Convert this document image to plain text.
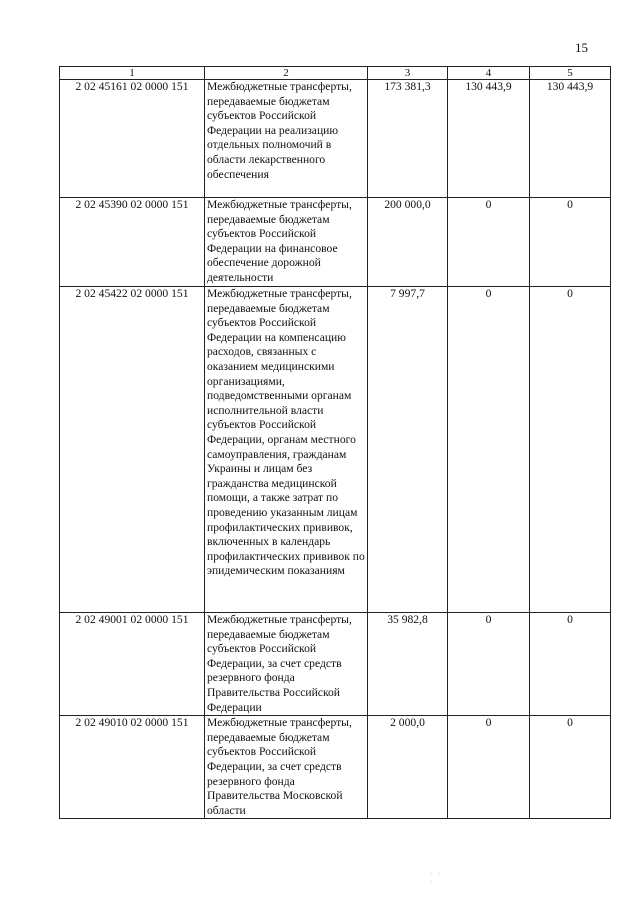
15
1	2	3	4	5
2 02 45161 02 0000 151	Межбюджетные трансферты, передаваемые бюджетам субъектов Российской Федерации на реализацию отдельных полномочий в области лекарственного обеспечения	173 381,3	130 443,9	130 443,9
2 02 45390 02 0000 151	Межбюджетные трансферты, передаваемые бюджетам субъектов Российской Федерации на финансовое обеспечение дорожной деятельности	200 000,0	0	0
2 02 45422 02 0000 151	Межбюджетные трансферты, передаваемые бюджетам субъектов Российской Федерации на компенсацию расходов, связанных с оказанием медицинскими организациями, подведомственными органам исполнительной власти субъектов Российской Федерации, органам местного самоуправления, гражданам Украины и лицам без гражданства медицинской помощи, а также затрат по проведению указанным лицам профилактических прививок, включенных в календарь профилактических прививок по эпидемическим показаниям	7 997,7	0	0
2 02 49001 02 0000 151	Межбюджетные трансферты, передаваемые бюджетам субъектов Российской Федерации, за счет средств резервного фонда Правительства Российской Федерации	35 982,8	0	0
2 02 49010 02 0000 151	Межбюджетные трансферты, передаваемые бюджетам субъектов Российской Федерации, за счет средств резервного фонда Правительства Московской области	2 000,0	0	0
· · ·
